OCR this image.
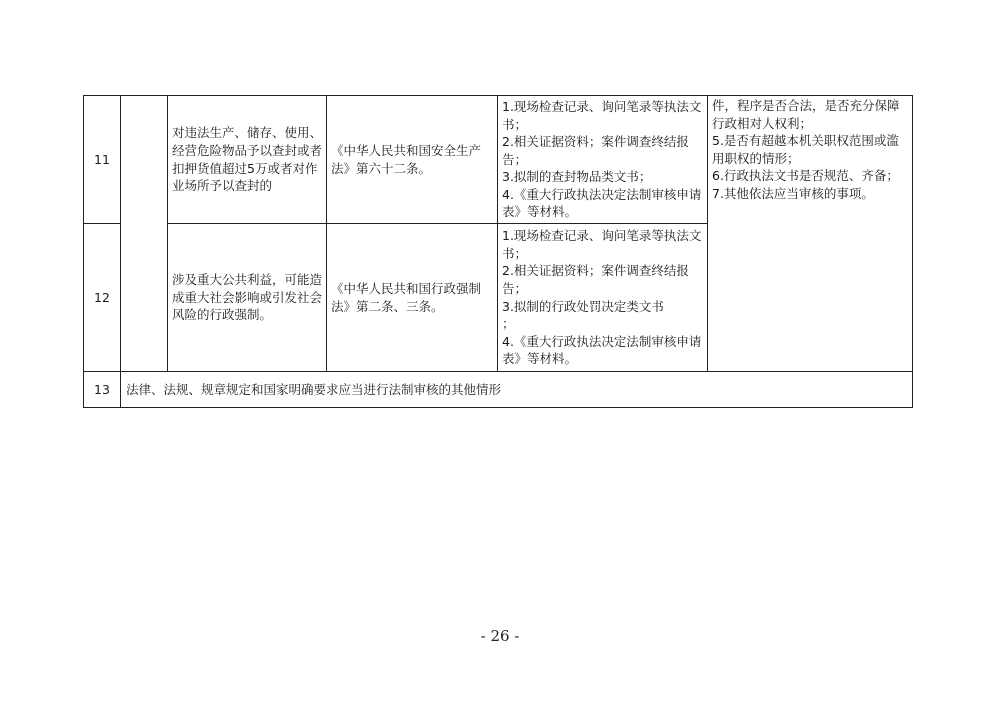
11		对违法生产、储存、使用、经营危险物品予以查封或者扣押货值超过5万或者对作业场所予以查封的	《中华人民共和国安全生产法》第六十二条。	1.现场检查记录、询问笔录等执法文书；
2.相关证据资料；案件调查终结报告；
3.拟制的查封物品类文书；
4.《重大行政执法决定法制审核申请表》等材料。	件，程序是否合法，是否充分保障行政相对人权利；
5.是否有超越本机关职权范围或滥用职权的情形；
6.行政执法文书是否规范、齐备；
7.其他依法应当审核的事项。
12		涉及重大公共利益，可能造成重大社会影响或引发社会风险的行政强制。	《中华人民共和国行政强制法》第二条、三条。	1.现场检查记录、询问笔录等执法文书；
2.相关证据资料；案件调查终结报告；
3.拟制的行政处罚决定类文书
；
4.《重大行政执法决定法制审核申请表》等材料。	
13	法律、法规、规章规定和国家明确要求应当进行法制审核的其他情形				
- 26 -
